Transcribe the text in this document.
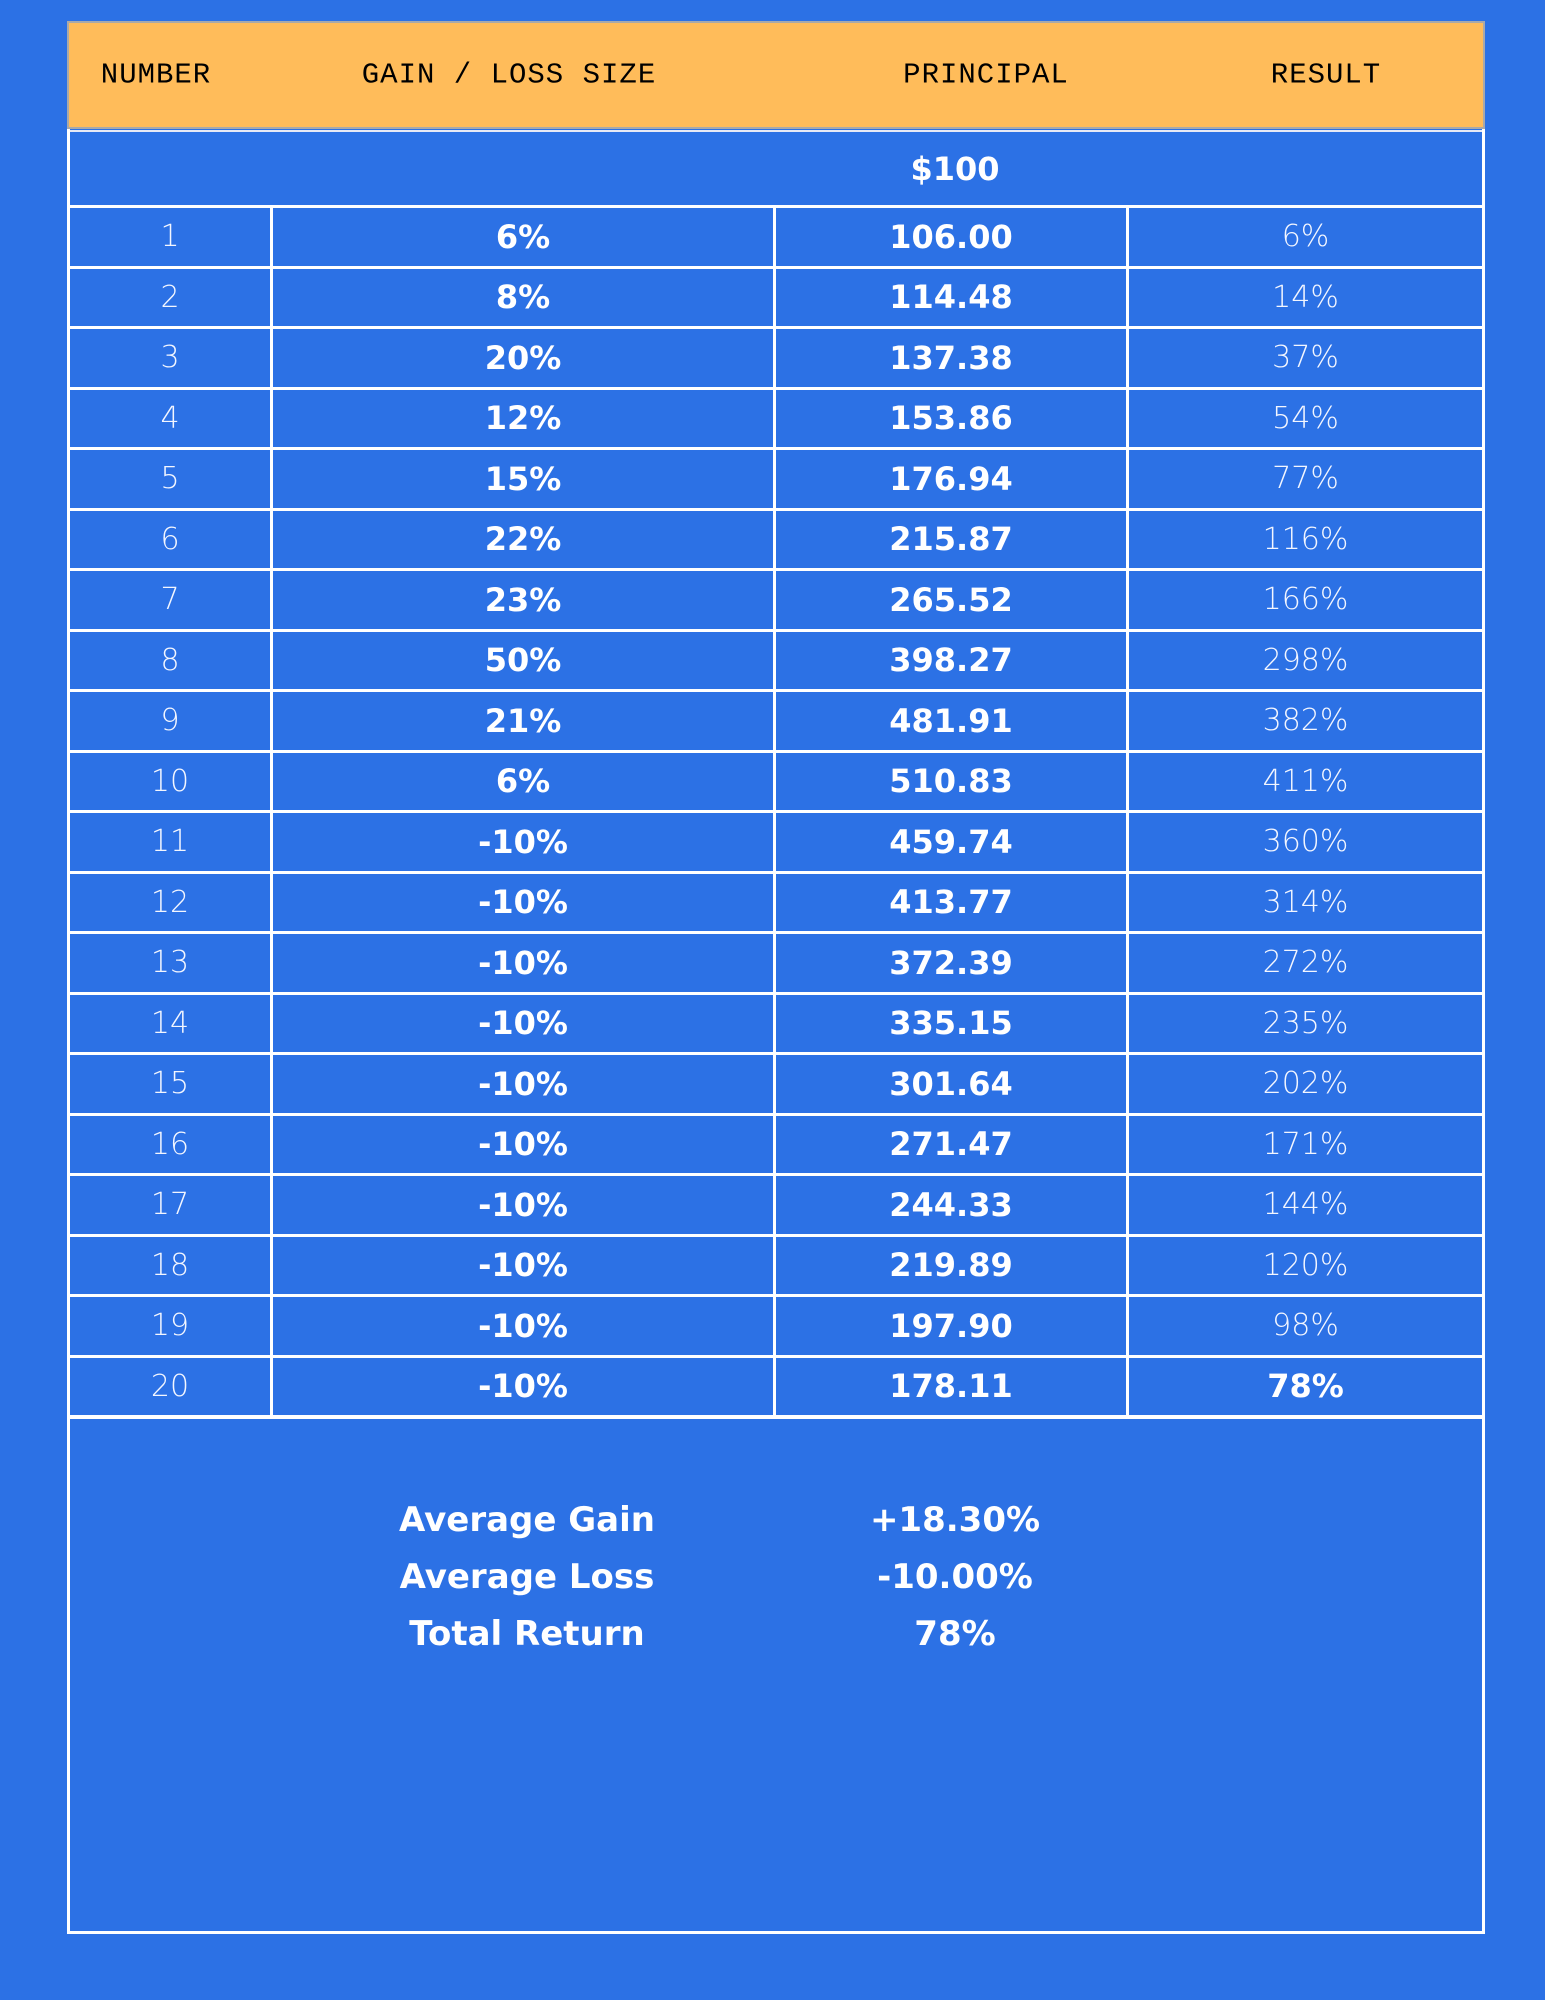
NUMBER	GAIN / LOSS SIZE	PRINCIPAL	RESULT
$100
1	6%	106.00	6%
2	8%	114.48	14%
3	20%	137.38	37%
4	12%	153.86	54%
5	15%	176.94	77%
6	22%	215.87	116%
7	23%	265.52	166%
8	50%	398.27	298%
9	21%	481.91	382%
10	6%	510.83	411%
11	-10%	459.74	360%
12	-10%	413.77	314%
13	-10%	372.39	272%
14	-10%	335.15	235%
15	-10%	301.64	202%
16	-10%	271.47	171%
17	-10%	244.33	144%
18	-10%	219.89	120%
19	-10%	197.90	98%
20	-10%	178.11	78%
Average Gain	+18.30%
Average Loss	-10.00%
Total Return	78%
